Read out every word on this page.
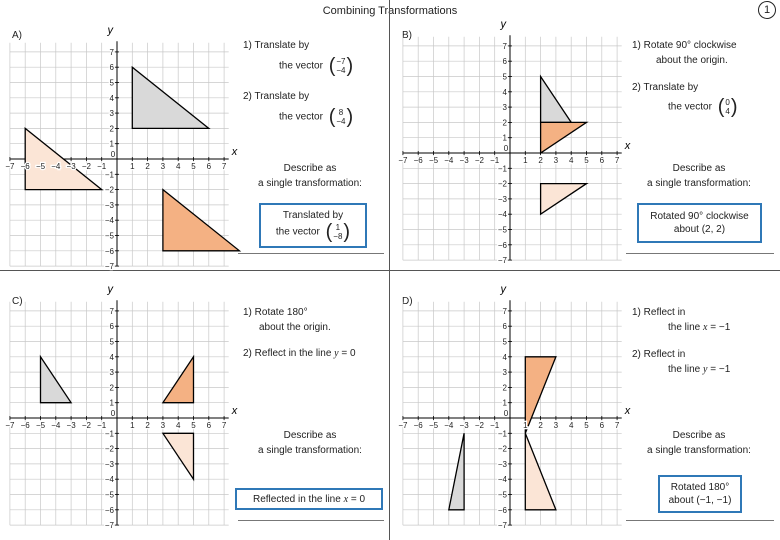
Combining Transformations	1
A)
x
y
−7 −6 −5 −4 −3 −2 −1
0
1 2 3 4 5 6 7
7
6
5
4
3
2
1
−1
−2
−3
−4
−5
−6
−7
1) Translate by
the vector ( −7
−4 )
2) Translate by
the vector ( 8
−4 )
Describe as
a single transformation:
Translated by
the vector ( 1
−8 )
B)
x
y
−7 −6 −5 −4 −3 −2 −1
0
1 2 3 4 5 6 7
7
6
5
4
3
2
1
−1
−2
−3
−4
−5
−6
−7
1) Rotate 90° clockwise
about the origin.
2) Translate by
the vector ( 0
4 )
Describe as
a single transformation:
Rotated 90° clockwise
about (2, 2)
C)
x
y
−7 −6 −5 −4 −3 −2 −1
0
1 2 3 4 5 6 7
7
6
5
4
3
2
1
−1
−2
−3
−4
−5
−6
−7
1) Rotate 180°
about the origin.
2) Reflect in the line y = 0
Describe as
a single transformation:
Reflected in the line x = 0
D)
x
y
−7 −6 −5 −4 −3 −2 −1
0
1 2 3 4 5 6 7
7
6
5
4
3
2
1
−1
−2
−3
−4
−5
−6
−7
1) Reflect in
the line x = −1
2) Reflect in
the line y = −1
Describe as
a single transformation:
Rotated 180°
about (−1, −1)
